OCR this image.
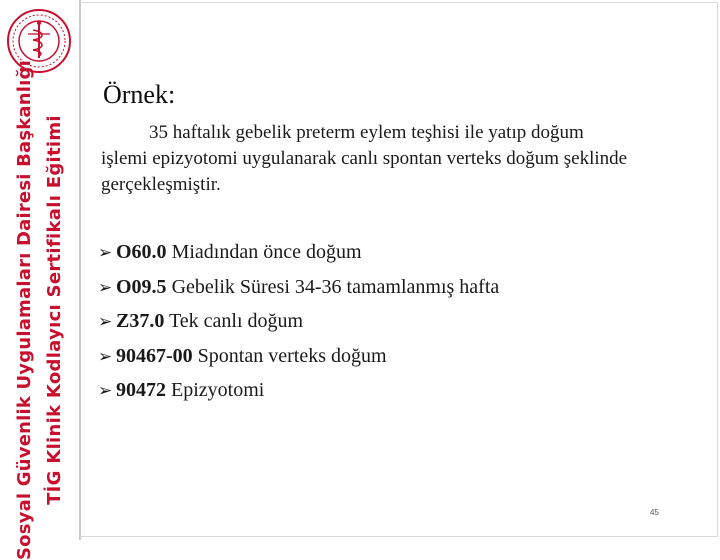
Sosyal Güvenlik Uygulamaları Dairesi Başkanlığı TİG Klinik Kodlayıcı Sertifikalı Eğitimi
Örnek:
35 haftalık gebelik preterm eylem teşhisi ile yatıp doğum
işlemi epizyotomi uygulanarak canlı spontan verteks doğum şeklinde gerçekleşmiştir.
➢ O60.0 Miadından önce doğum
➢ O09.5 Gebelik Süresi 34-36 tamamlanmış hafta
➢ Z37.0 Tek canlı doğum
➢ 90467-00 Spontan verteks doğum
➢ 90472 Epizyotomi
45
